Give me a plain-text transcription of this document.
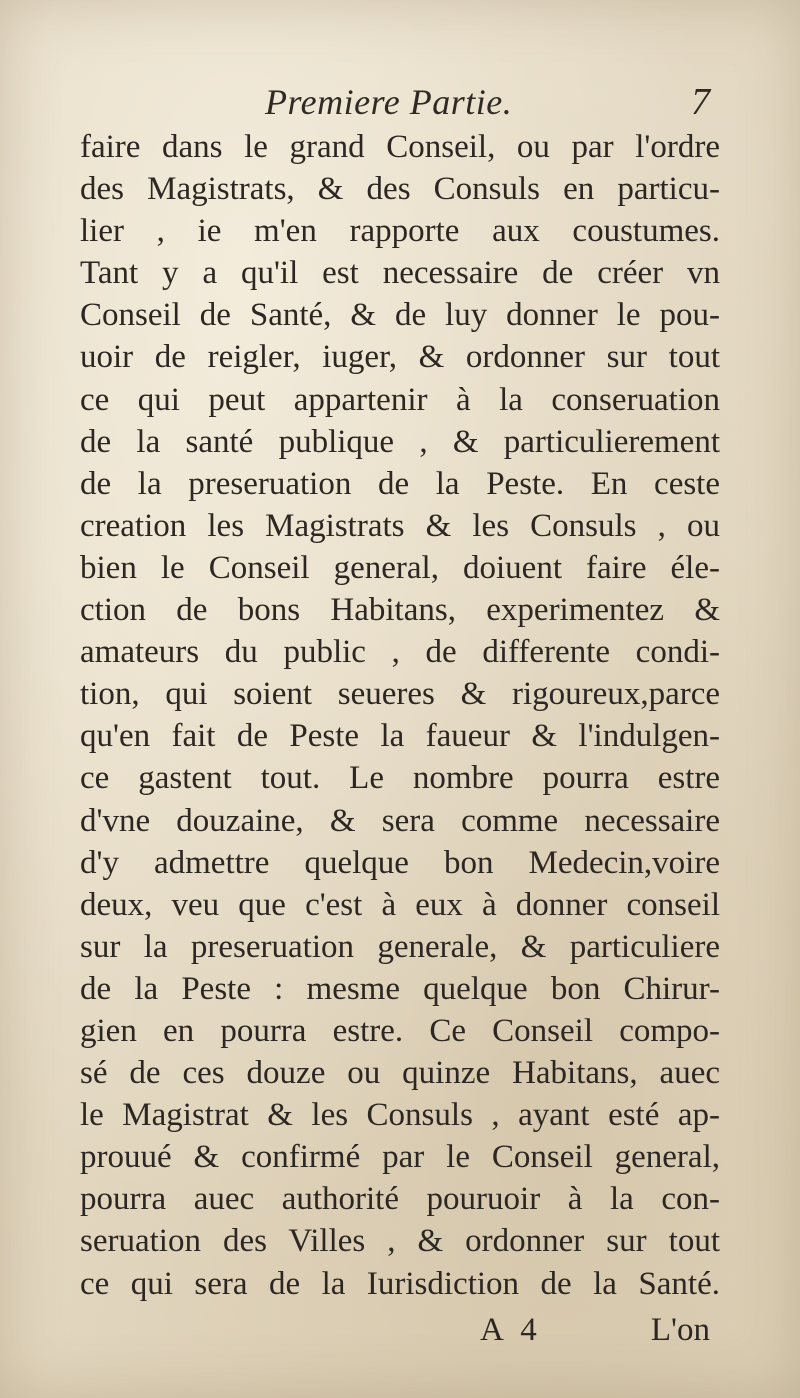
Premiere Partie.	7
faire dans le grand Conseil, ou par l'ordre
des Magistrats, & des Consuls en particu-
lier , ie m'en rapporte aux coustumes.
Tant y a qu'il est necessaire de créer vn
Conseil de Santé, & de luy donner le pou-
uoir de reigler, iuger, & ordonner sur tout
ce qui peut appartenir à la conseruation
de la santé publique , & particulierement
de la preseruation de la Peste. En ceste
creation les Magistrats & les Consuls , ou
bien le Conseil general, doiuent faire éle-
ction de bons Habitans, experimentez &
amateurs du public , de differente condi-
tion, qui soient seueres & rigoureux,parce
qu'en fait de Peste la faueur & l'indulgen-
ce gastent tout. Le nombre pourra estre
d'vne douzaine, & sera comme necessaire
d'y admettre quelque bon Medecin,voire
deux, veu que c'est à eux à donner conseil
sur la preseruation generale, & particuliere
de la Peste : mesme quelque bon Chirur-
gien en pourra estre. Ce Conseil compo-
sé de ces douze ou quinze Habitans, auec
le Magistrat & les Consuls , ayant esté ap-
prouué & confirmé par le Conseil general,
pourra auec authorité pouruoir à la con-
seruation des Villes , & ordonner sur tout
ce qui sera de la Iurisdiction de la Santé.
A 4	L'on
